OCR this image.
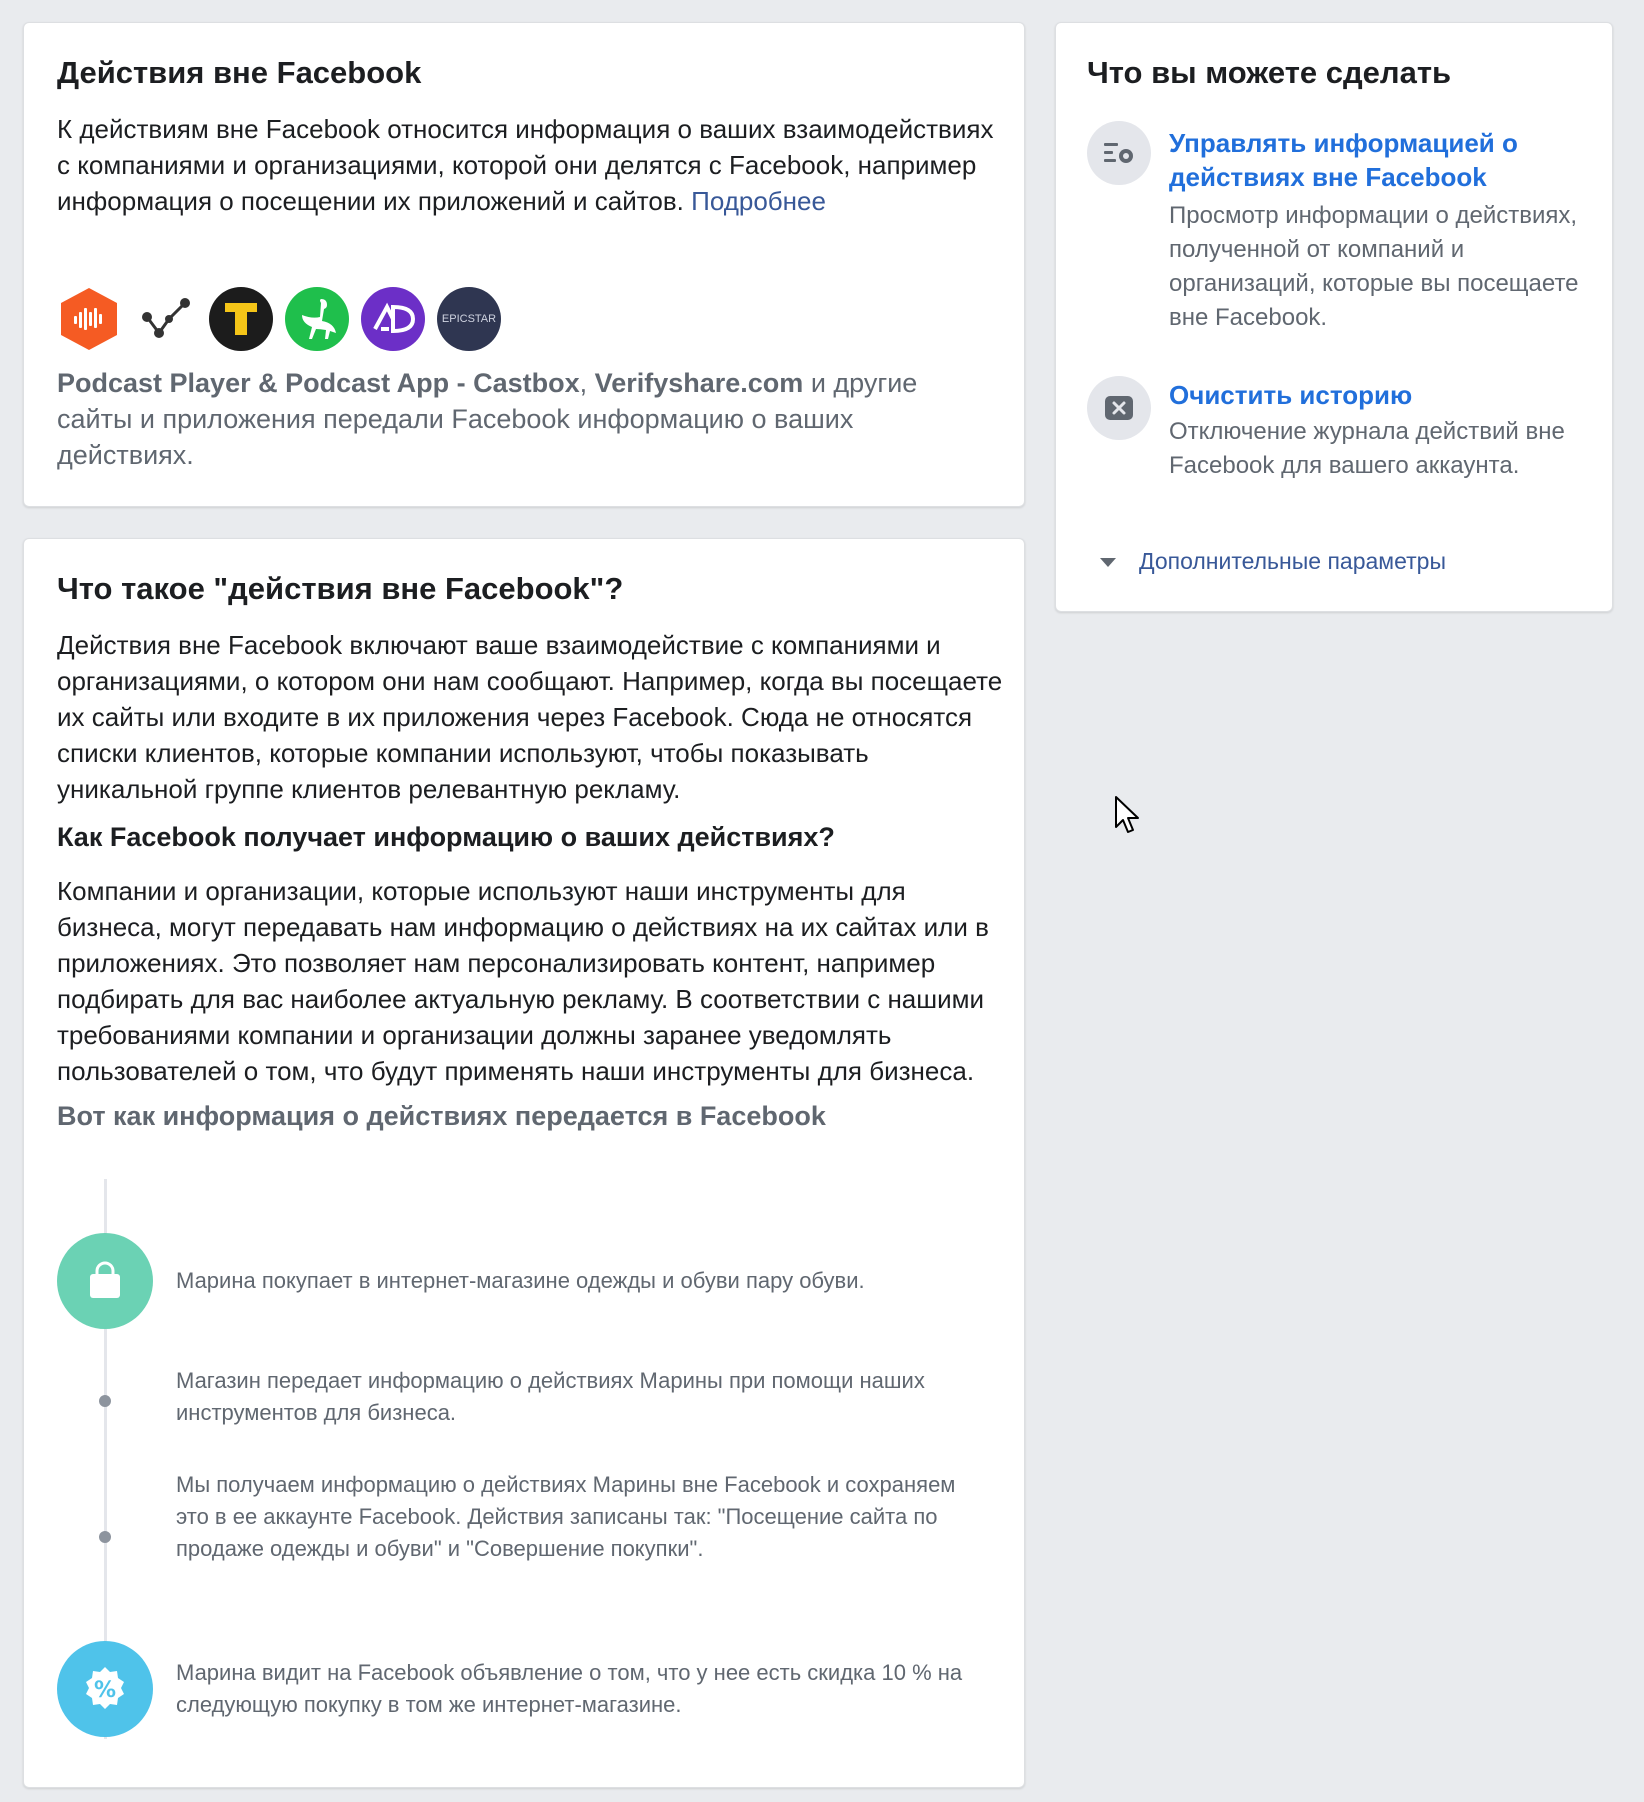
Действия вне Facebook
К действиям вне Facebook относится информация о ваших взаимодействиях с компаниями и организациями, которой они делятся с Facebook, например информация о посещении их приложений и сайтов. Подробнее
EPICSTAR
Podcast Player & Podcast App - Castbox, Verifyshare.com и другие сайты и приложения передали Facebook информацию о ваших действиях.
Что такое "действия вне Facebook"?
Действия вне Facebook включают ваше взаимодействие с компаниями и организациями, о котором они нам сообщают. Например, когда вы посещаете их сайты или входите в их приложения через Facebook. Сюда не относятся списки клиентов, которые компании используют, чтобы показывать уникальной группе клиентов релевантную рекламу.
Как Facebook получает информацию о ваших действиях?
Компании и организации, которые используют наши инструменты для бизнеса, могут передавать нам информацию о действиях на их сайтах или в приложениях. Это позволяет нам персонализировать контент, например подбирать для вас наиболее актуальную рекламу. В соответствии с нашими требованиями компании и организации должны заранее уведомлять пользователей о том, что будут применять наши инструменты для бизнеса.
Вот как информация о действиях передается в Facebook
Марина покупает в интернет-магазине одежды и обуви пару обуви.
Магазин передает информацию о действиях Марины при помощи наших инструментов для бизнеса.
Мы получаем информацию о действиях Марины вне Facebook и сохраняем это в ее аккаунте Facebook. Действия записаны так: "Посещение сайта по продаже одежды и обуви" и "Совершение покупки".
%
Марина видит на Facebook объявление о том, что у нее есть скидка 10 % на следующую покупку в том же интернет-магазине.
Что вы можете сделать
Управлять информацией о действиях вне Facebook
Просмотр информации о действиях, полученной от компаний и организаций, которые вы посещаете вне Facebook.
Очистить историю
Отключение журнала действий вне Facebook для вашего аккаунта.
Дополнительные параметры
